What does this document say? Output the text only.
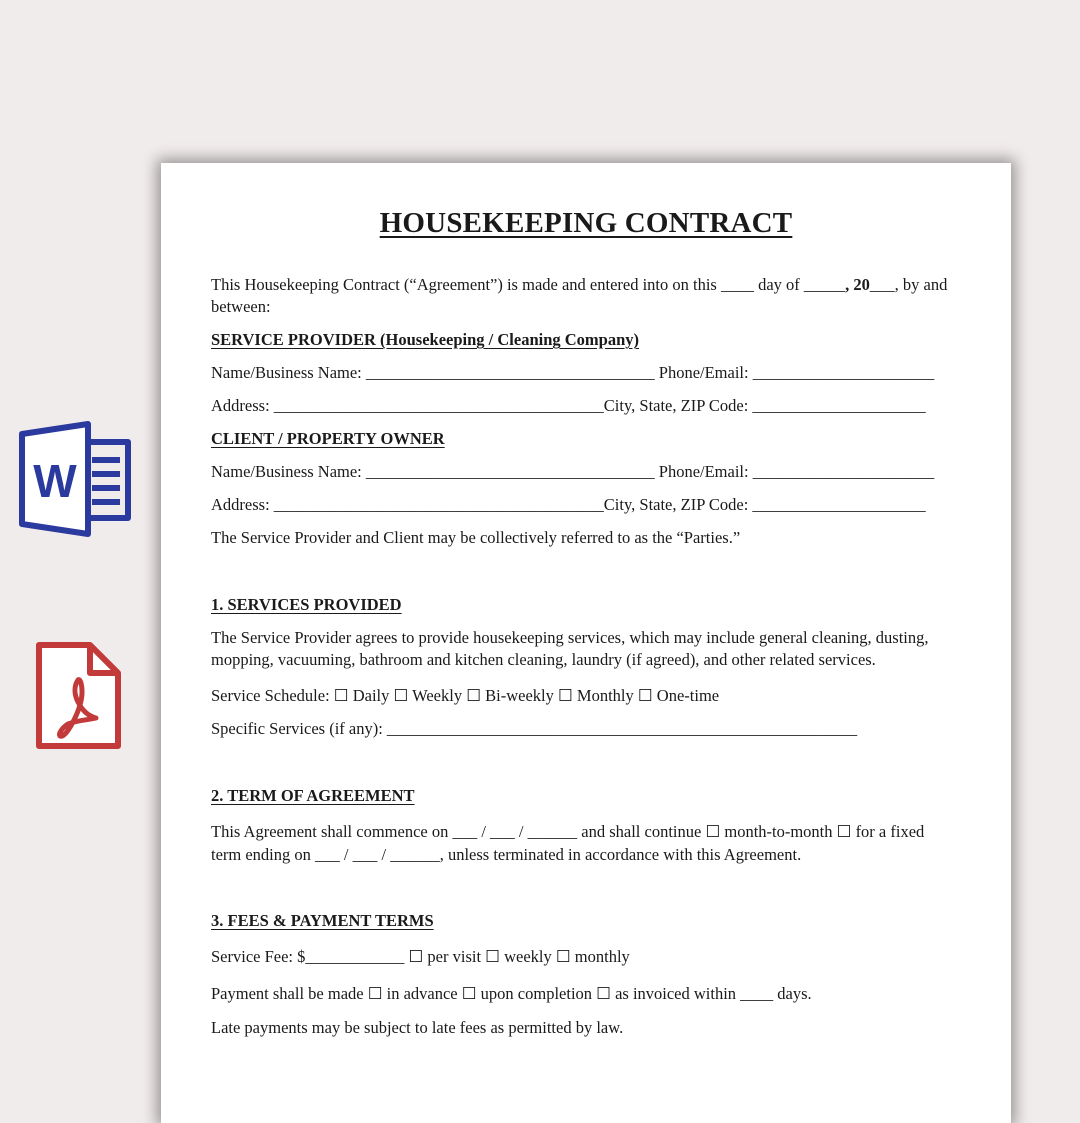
W
HOUSEKEEPING CONTRACT
This Housekeeping Contract (“Agreement”) is made and entered into on this ____ day of _____, 20___, by and
between:
SERVICE PROVIDER (Housekeeping / Cleaning Company)
Name/Business Name: ___________________________________ Phone/Email: ______________________
Address: ________________________________________City, State, ZIP Code: _____________________
CLIENT / PROPERTY OWNER
Name/Business Name: ___________________________________ Phone/Email: ______________________
Address: ________________________________________City, State, ZIP Code: _____________________
The Service Provider and Client may be collectively referred to as the “Parties.”
1. SERVICES PROVIDED
The Service Provider agrees to provide housekeeping services, which may include general cleaning, dusting,
mopping, vacuuming, bathroom and kitchen cleaning, laundry (if agreed), and other related services.
Service Schedule: ☐ Daily ☐ Weekly ☐ Bi-weekly ☐ Monthly ☐ One-time
Specific Services (if any): _________________________________________________________
2. TERM OF AGREEMENT
This Agreement shall commence on ___ / ___ / ______ and shall continue ☐ month-to-month ☐ for a fixed
term ending on ___ / ___ / ______, unless terminated in accordance with this Agreement.
3. FEES & PAYMENT TERMS
Service Fee: $____________ ☐ per visit ☐ weekly ☐ monthly
Payment shall be made ☐ in advance ☐ upon completion ☐ as invoiced within ____ days.
Late payments may be subject to late fees as permitted by law.
